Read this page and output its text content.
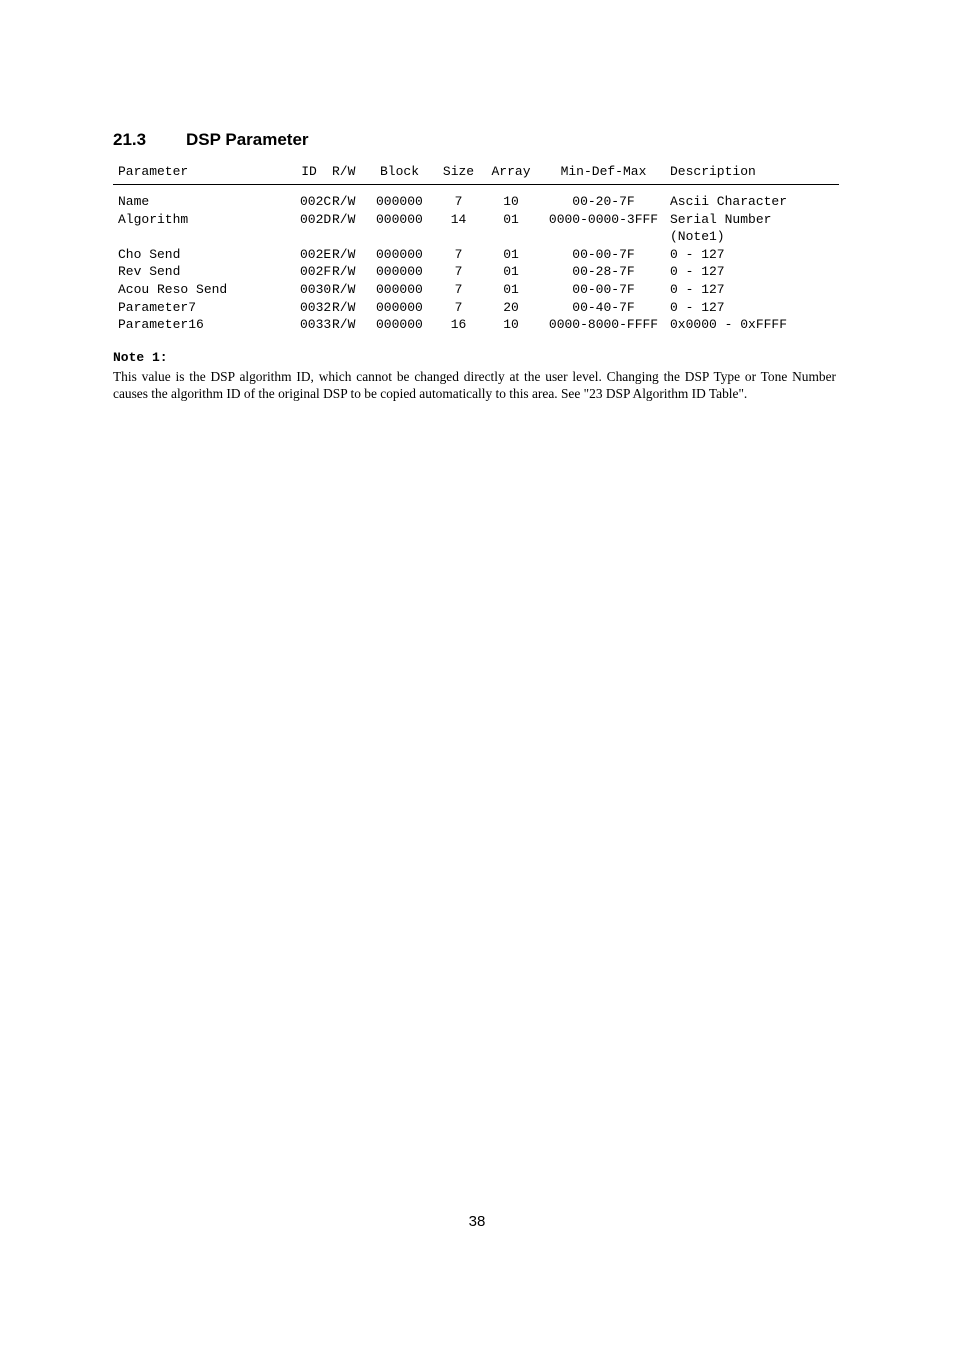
21.3 DSP Parameter
Parameter	ID	R/W Block Size Array	Min-Def-Max	Description
Name	002C R/W 000000	7	10	00-20-7F	Ascii Character
Algorithm	002D R/W 000000	14	01	0000-0000-3FFF Serial Number
(Note1)
Cho Send	002E R/W 000000	7	01	00-00-7F	0 - 127
Rev Send	002F R/W 000000	7	01	00-28-7F	0 - 127
Acou Reso Send	0030 R/W 000000	7	01	00-00-7F	0 - 127
Parameter7	0032 R/W 000000	7	20	00-40-7F	0 - 127
Parameter16	0033 R/W 000000	16	10	0000-8000-FFFF 0x0000 - 0xFFFF

Note 1:

This value is the DSP algorithm ID, which cannot be changed directly at the user level. Changing the DSP Type or Tone Number causes the algorithm ID of the original DSP to be copied automatically to this area. See "23 DSP Algorithm ID Table".

38
